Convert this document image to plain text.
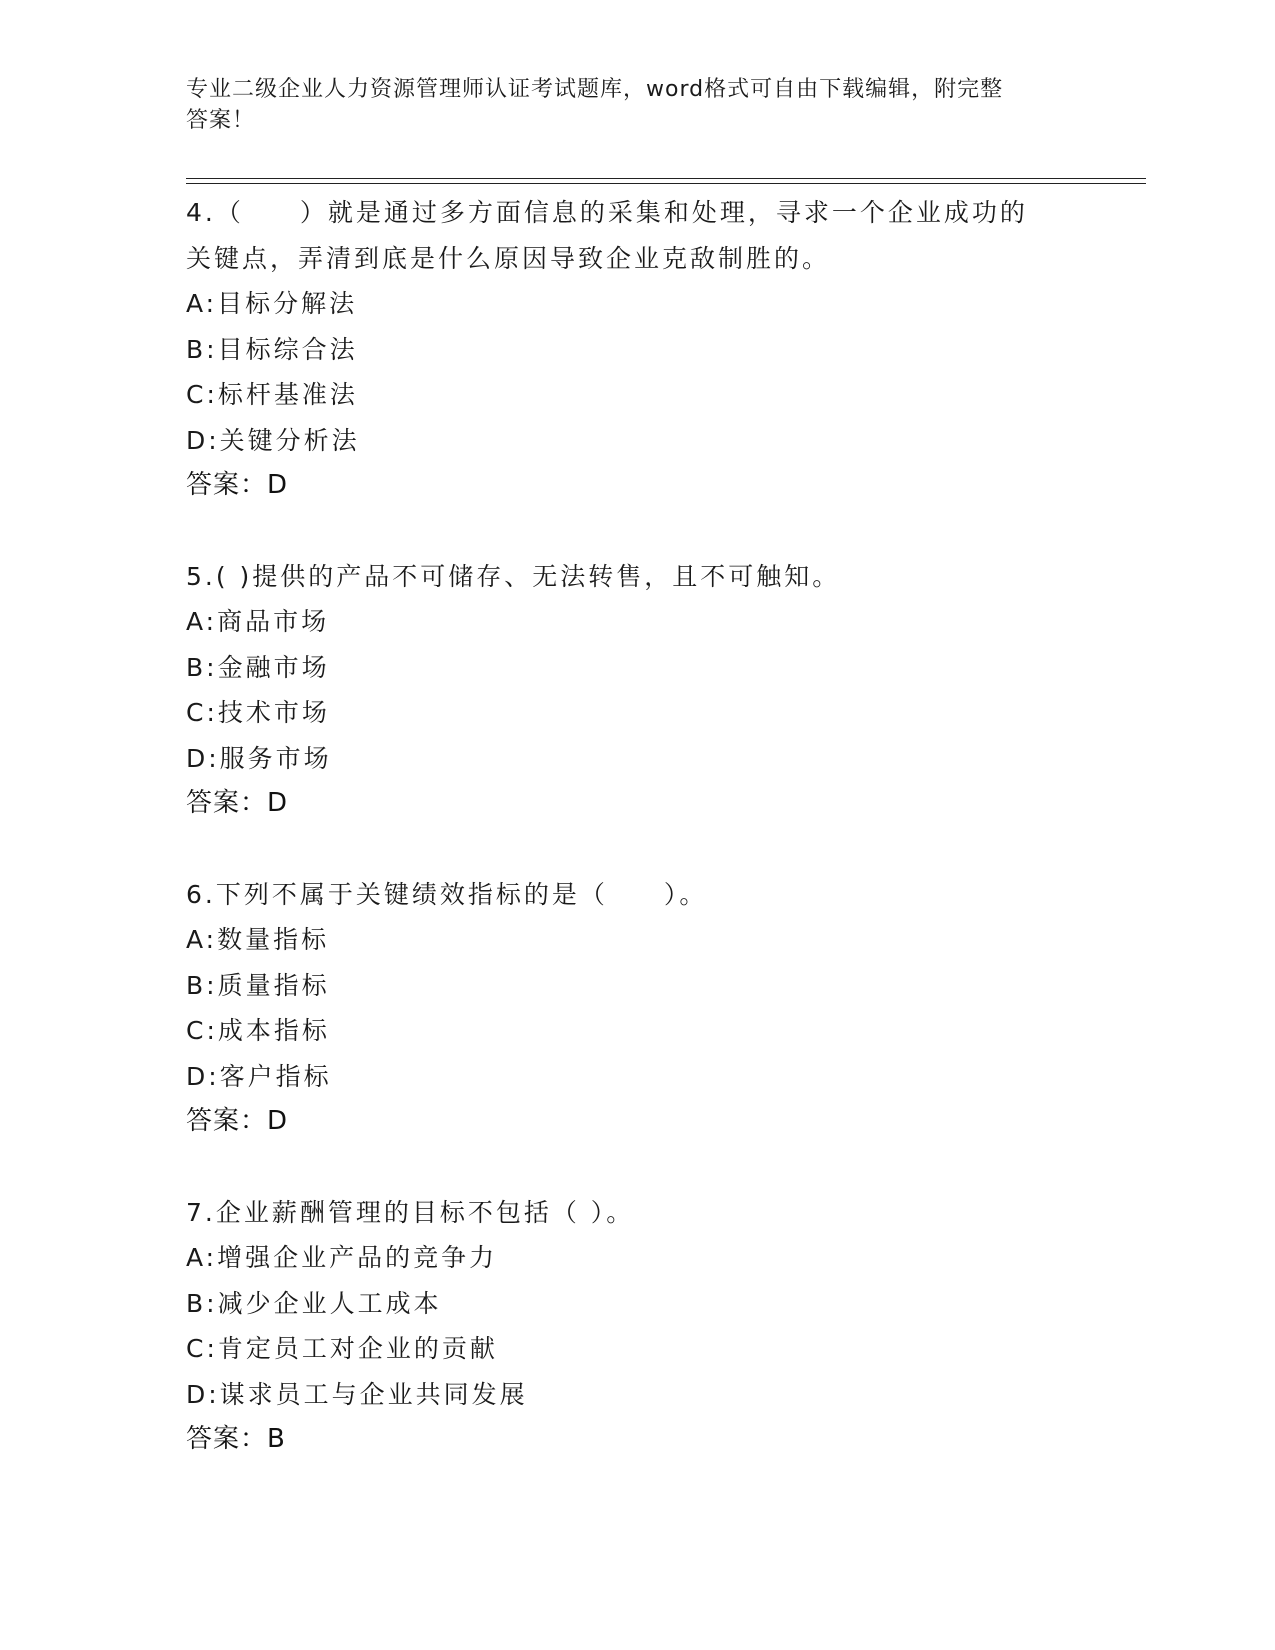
专业二级企业人力资源管理师认证考试题库，word格式可自由下载编辑，附完整
答案！
4.（　　）就是通过多方面信息的采集和处理，寻求一个企业成功的
关键点，弄清到底是什么原因导致企业克敌制胜的。
A:目标分解法
B:目标综合法
C:标杆基准法
D:关键分析法
答案：D
5.( )提供的产品不可储存、无法转售，且不可触知。
A:商品市场
B:金融市场
C:技术市场
D:服务市场
答案：D
6.下列不属于关键绩效指标的是（　　）。
A:数量指标
B:质量指标
C:成本指标
D:客户指标
答案：D
7.企业薪酬管理的目标不包括（ ）。
A:增强企业产品的竞争力
B:减少企业人工成本
C:肯定员工对企业的贡献
D:谋求员工与企业共同发展
答案：B
